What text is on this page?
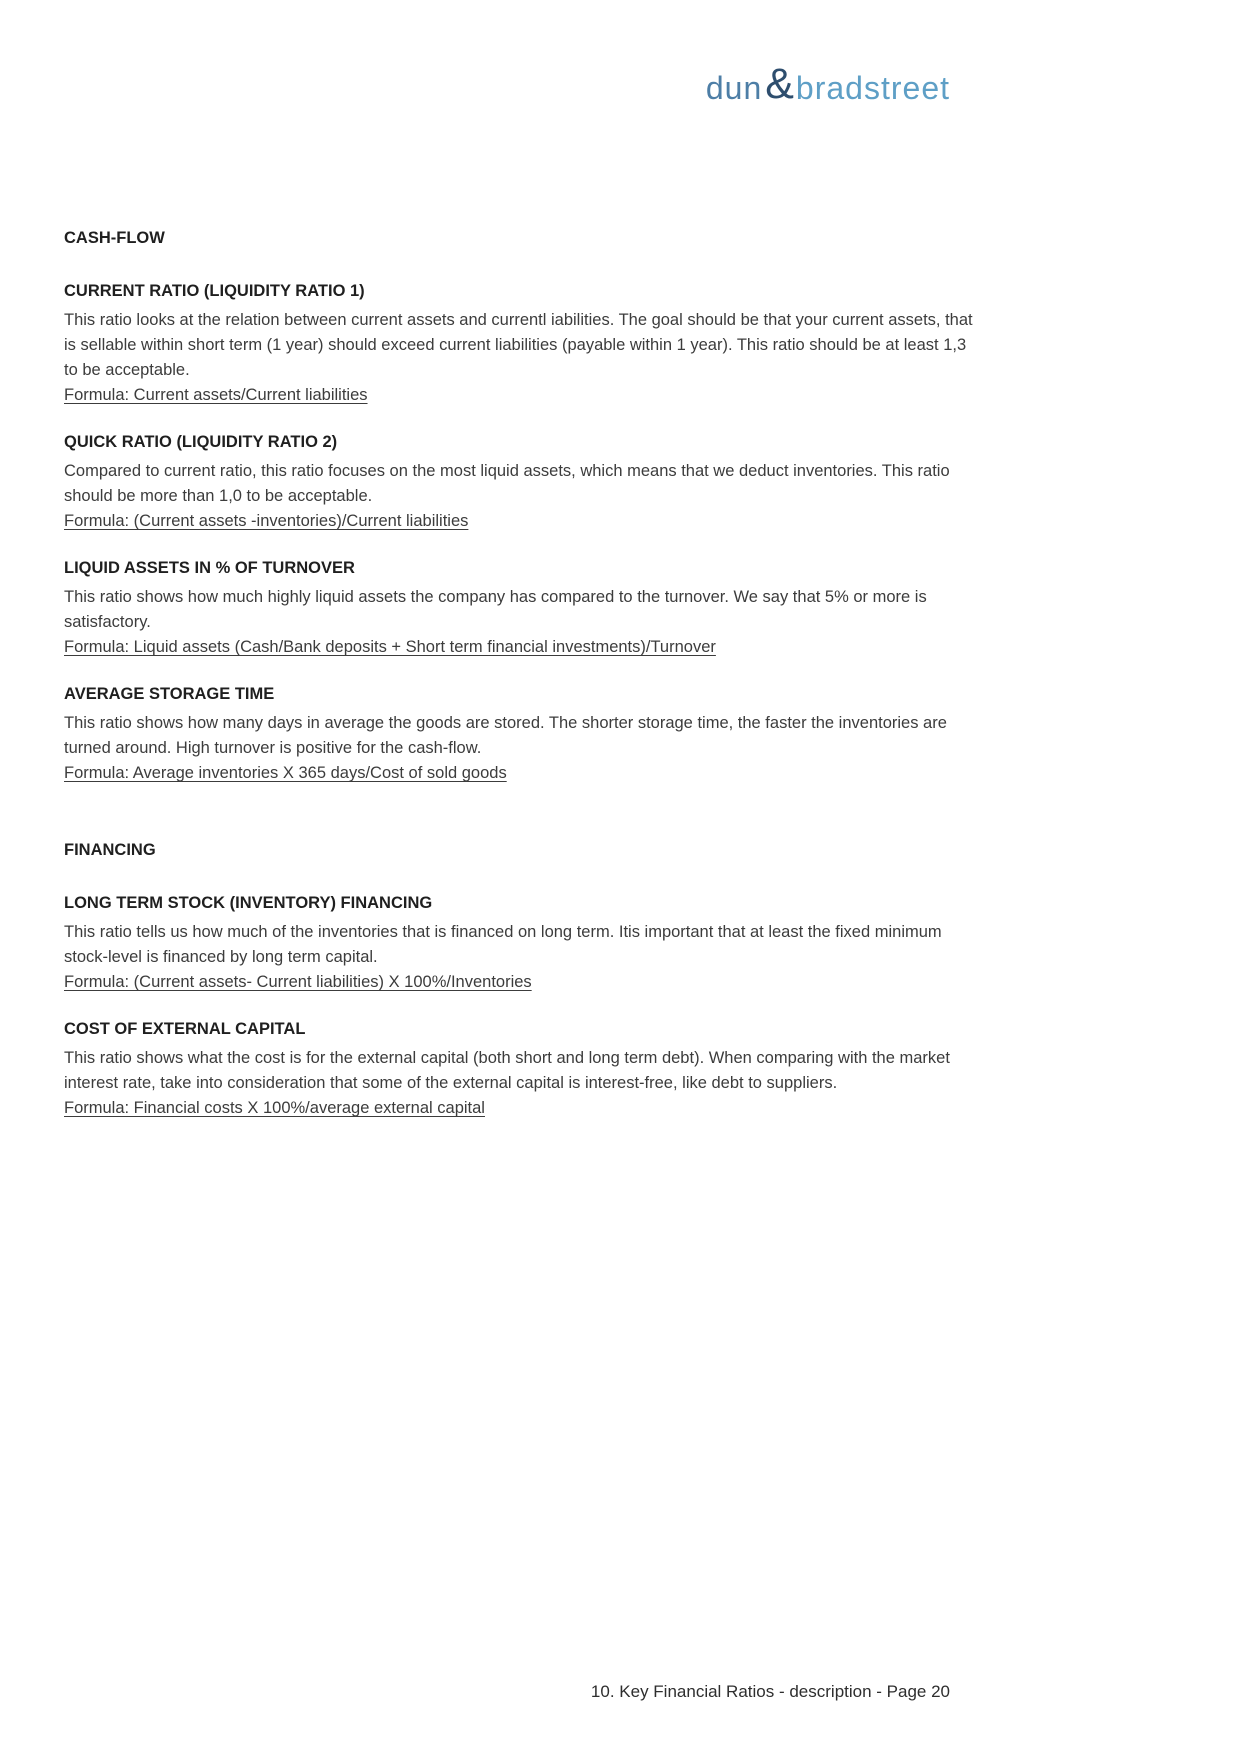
dun & bradstreet
CASH-FLOW
CURRENT RATIO (LIQUIDITY RATIO 1)

This ratio looks at the relation between current assets and currentl iabilities. The goal should be that your current assets, that is sellable within short term (1 year) should exceed current liabilities (payable within 1 year). This ratio should be at least 1,3 to be acceptable.

Formula: Current assets/Current liabilities

QUICK RATIO (LIQUIDITY RATIO 2)

Compared to current ratio, this ratio focuses on the most liquid assets, which means that we deduct inventories. This ratio should be more than 1,0 to be acceptable.

Formula: (Current assets -inventories)/Current liabilities

LIQUID ASSETS IN % OF TURNOVER

This ratio shows how much highly liquid assets the company has compared to the turnover. We say that 5% or more is satisfactory.

Formula: Liquid assets (Cash/Bank deposits + Short term financial investments)/Turnover

AVERAGE STORAGE TIME

This ratio shows how many days in average the goods are stored. The shorter storage time, the faster the inventories are turned around. High turnover is positive for the cash-flow.

Formula: Average inventories X 365 days/Cost of sold goods

FINANCING
LONG TERM STOCK (INVENTORY) FINANCING

This ratio tells us how much of the inventories that is financed on long term. Itis important that at least the fixed minimum stock-level is financed by long term capital.

Formula: (Current assets- Current liabilities) X 100%/Inventories

COST OF EXTERNAL CAPITAL

This ratio shows what the cost is for the external capital (both short and long term debt). When comparing with the market interest rate, take into consideration that some of the external capital is interest-free, like debt to suppliers.

Formula: Financial costs X 100%/average external capital

10. Key Financial Ratios - description - Page 20
